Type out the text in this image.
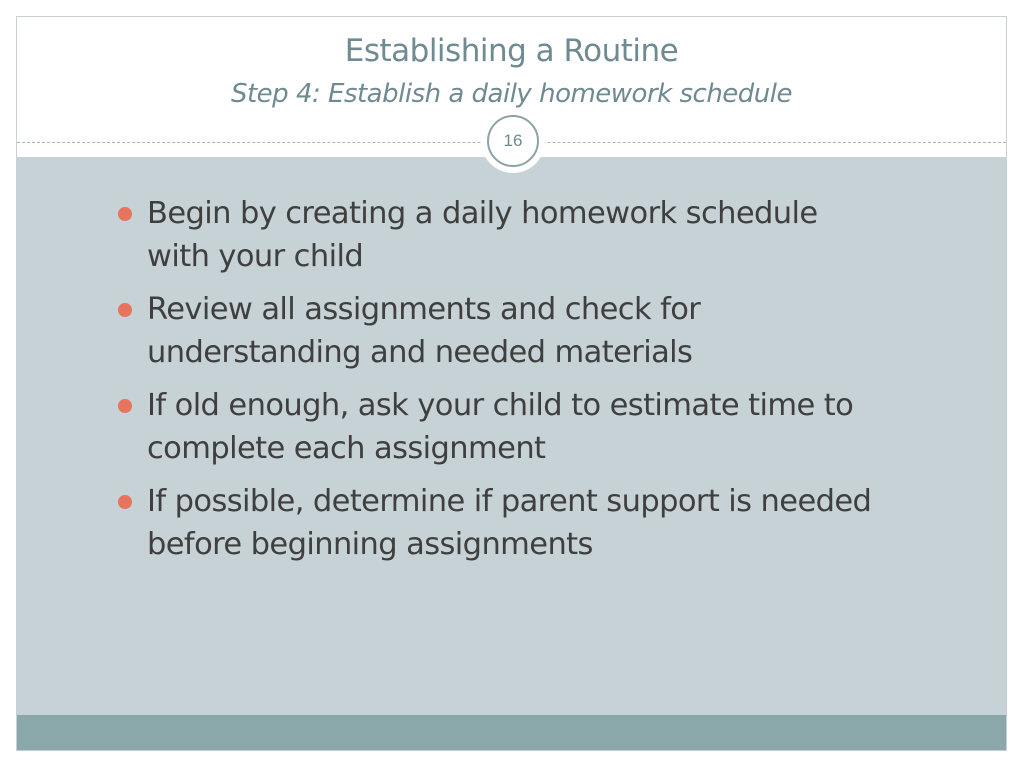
Establishing a Routine
Step 4: Establish a daily homework schedule
16
Begin by creating a daily homework schedule with your child
Review all assignments and check for understanding and needed materials
If old enough, ask your child to estimate time to complete each assignment
If possible, determine if parent support is needed before beginning assignments
